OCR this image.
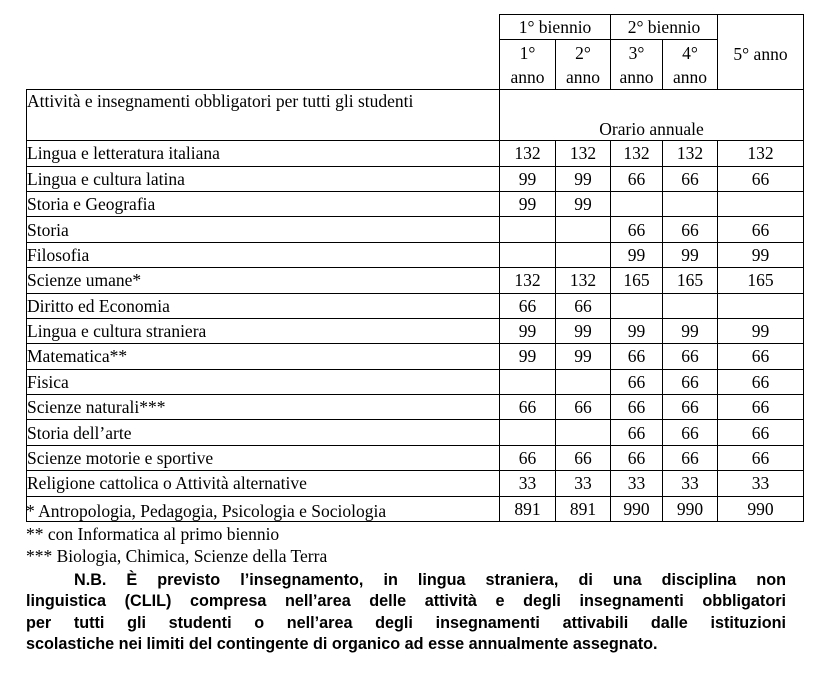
	1° biennio		2° biennio		5° anno
	1°	2°	3°	4°	
	anno	anno	anno	anno	
Attività e insegnamenti obbligatori per tutti gli studenti	Orario annuale				
Lingua e letteratura italiana	132	132	132	132	132
Lingua e cultura latina	99	99	66	66	66
Storia e Geografia	99	99			
Storia			66	66	66
Filosofia			99	99	99
Scienze umane*	132	132	165	165	165
Diritto ed Economia	66	66			
Lingua e cultura straniera	99	99	99	99	99
Matematica**	99	99	66	66	66
Fisica			66	66	66
Scienze naturali***	66	66	66	66	66
Storia dell’arte			66	66	66
Scienze motorie e sportive	66	66	66	66	66
Religione cattolica o Attività alternative	33	33	33	33	33
	891	891	990	990	990
* Antropologia, Pedagogia, Psicologia e Sociologia
** con Informatica al primo biennio
*** Biologia, Chimica, Scienze della Terra

N.B. È previsto l’insegnamento, in lingua straniera, di una disciplina non

linguistica (CLIL) compresa nell’area delle attività e degli insegnamenti obbligatori

per tutti gli studenti o nell’area degli insegnamenti attivabili dalle istituzioni

scolastiche nei limiti del contingente di organico ad esse annualmente assegnato.
